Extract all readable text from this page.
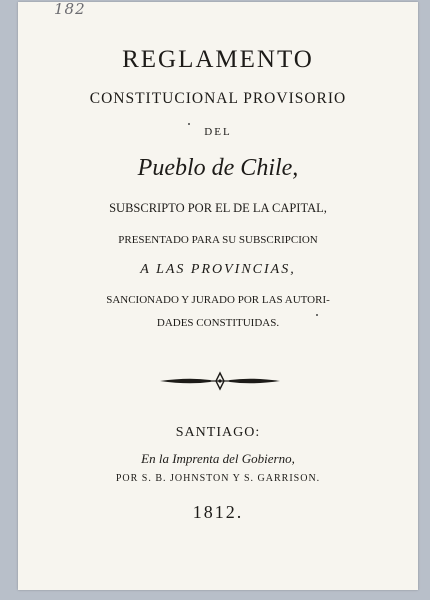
182
REGLAMENTO
CONSTITUCIONAL PROVISORIO
DEL
Pueblo de Chile,
SUBSCRIPTO POR EL DE LA CAPITAL,
PRESENTADO PARA SU SUBSCRIPCION
A LAS PROVINCIAS,
SANCIONADO Y JURADO POR LAS AUTORI-
DADES CONSTITUIDAS.
SANTIAGO:
En la Imprenta del Gobierno,
POR S. B. JOHNSTON Y S. GARRISON.
1812.
